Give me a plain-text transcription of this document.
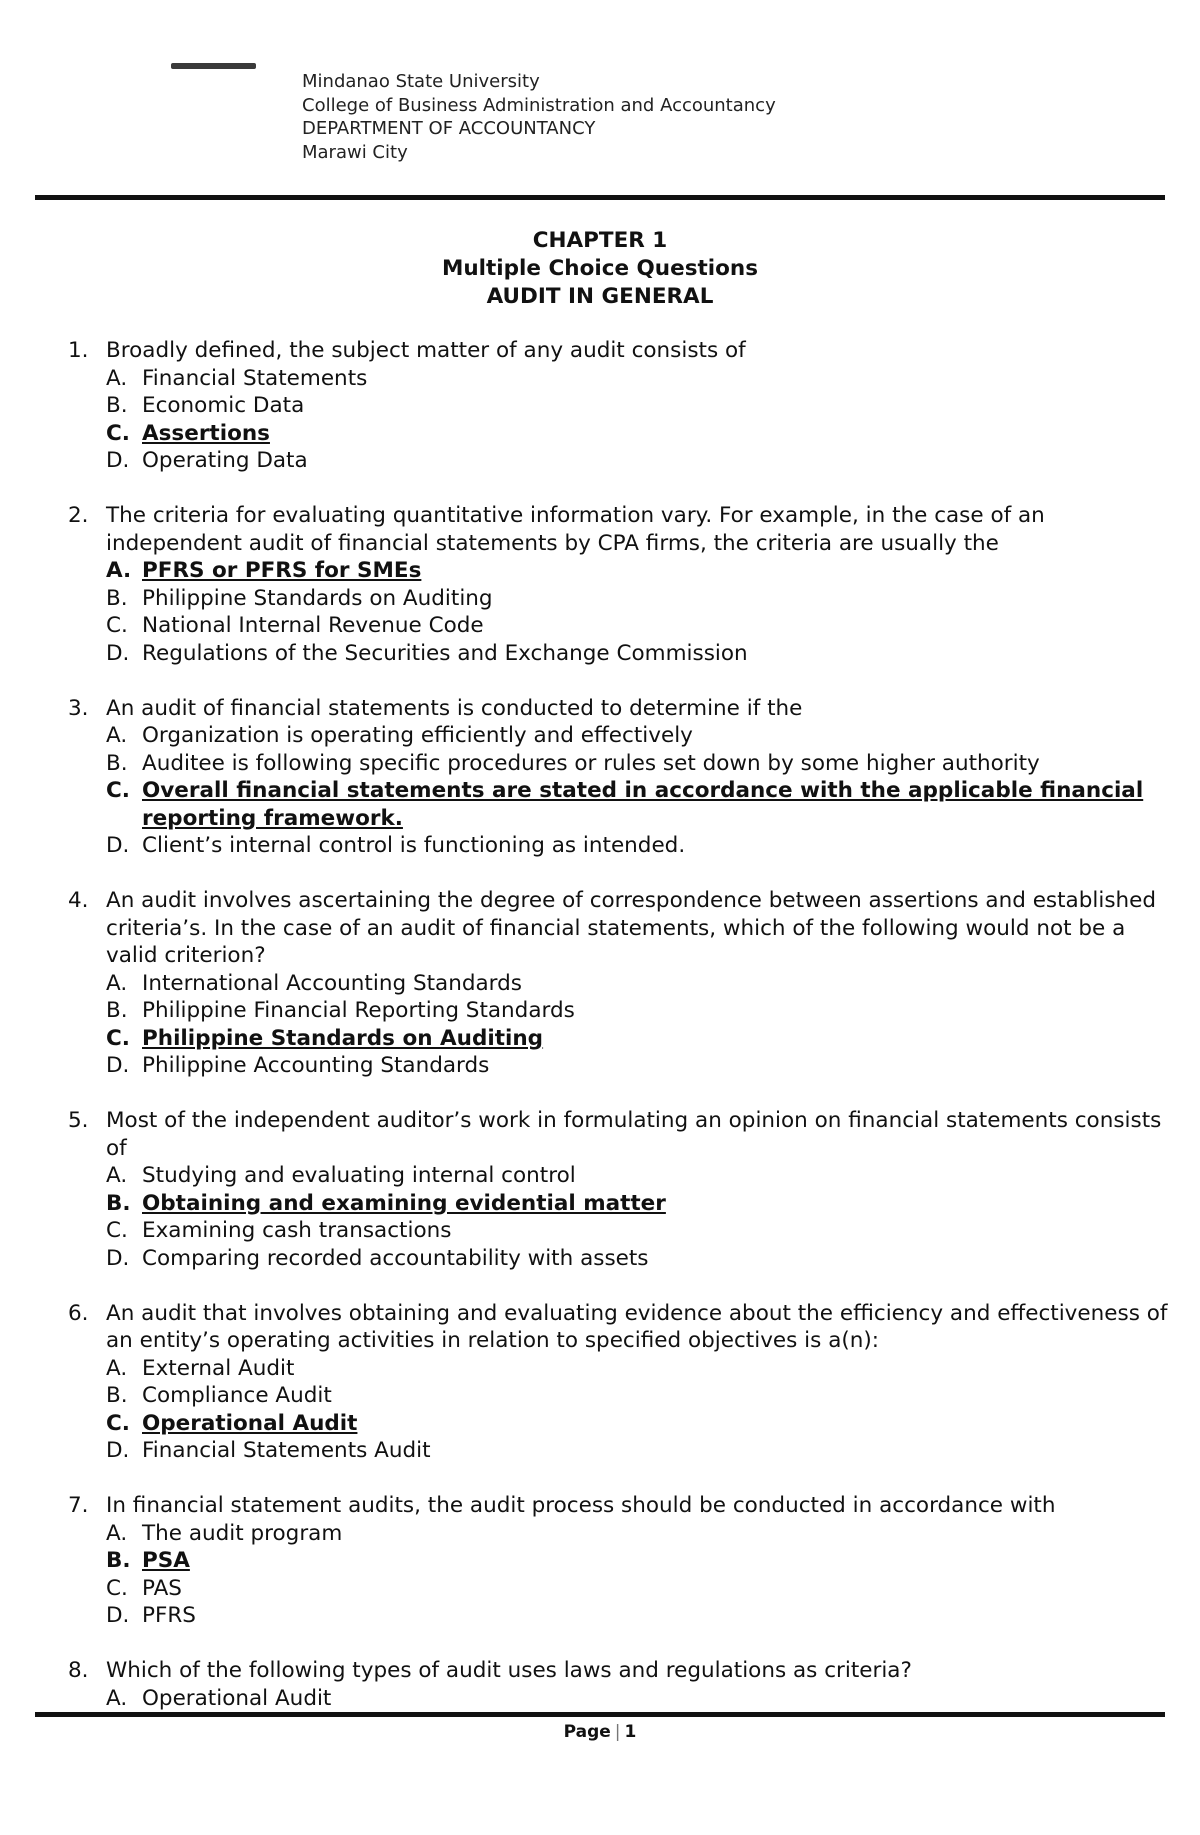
Mindanao State University
College of Business Administration and Accountancy
DEPARTMENT OF ACCOUNTANCY
Marawi City
CHAPTER 1
Multiple Choice Questions
AUDIT IN GENERAL
1. Broadly defined, the subject matter of any audit consists of
A. Financial Statements
B. Economic Data
C. Assertions
D. Operating Data
2. The criteria for evaluating quantitative information vary. For example, in the case of an independent audit of financial statements by CPA firms, the criteria are usually the
A. PFRS or PFRS for SMEs
B. Philippine Standards on Auditing
C. National Internal Revenue Code
D. Regulations of the Securities and Exchange Commission
3. An audit of financial statements is conducted to determine if the
A. Organization is operating efficiently and effectively
B. Auditee is following specific procedures or rules set down by some higher authority
C. Overall financial statements are stated in accordance with the applicable financial reporting framework.
D. Client’s internal control is functioning as intended.
4. An audit involves ascertaining the degree of correspondence between assertions and established criteria’s. In the case of an audit of financial statements, which of the following would not be a valid criterion?
A. International Accounting Standards
B. Philippine Financial Reporting Standards
C. Philippine Standards on Auditing
D. Philippine Accounting Standards
5. Most of the independent auditor’s work in formulating an opinion on financial statements consists of
A. Studying and evaluating internal control
B. Obtaining and examining evidential matter
C. Examining cash transactions
D. Comparing recorded accountability with assets
6. An audit that involves obtaining and evaluating evidence about the efficiency and effectiveness of an entity’s operating activities in relation to specified objectives is a(n):
A. External Audit
B. Compliance Audit
C. Operational Audit
D. Financial Statements Audit
7. In financial statement audits, the audit process should be conducted in accordance with
A. The audit program
B. PSA
C. PAS
D. PFRS
8. Which of the following types of audit uses laws and regulations as criteria?
A. Operational Audit
Page | 1
